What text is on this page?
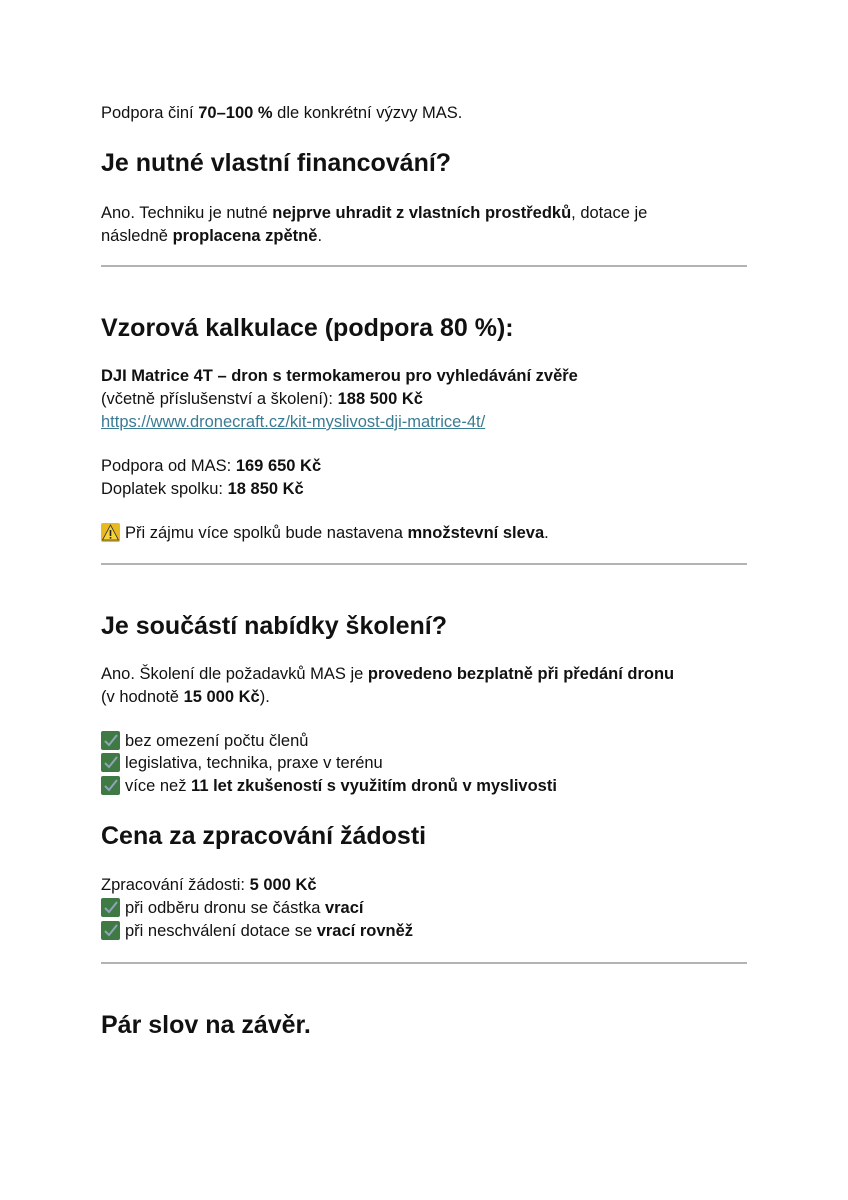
Podpora činí 70–100 % dle konkrétní výzvy MAS.
Je nutné vlastní financování?
Ano. Techniku je nutné nejprve uhradit z vlastních prostředků, dotace je
následně proplacena zpětně.
Vzorová kalkulace (podpora 80 %):
DJI Matrice 4T – dron s termokamerou pro vyhledávání zvěře
(včetně příslušenství a školení): 188 500 Kč
https://www.dronecraft.cz/kit-myslivost-dji-matrice-4t/
Podpora od MAS: 169 650 Kč
Doplatek spolku: 18 850 Kč
Při zájmu více spolků bude nastavena množstevní sleva.
Je součástí nabídky školení?
Ano. Školení dle požadavků MAS je provedeno bezplatně při předání dronu
(v hodnotě 15 000 Kč).
bez omezení počtu členů
legislativa, technika, praxe v terénu
více než 11 let zkušeností s využitím dronů v myslivosti
Cena za zpracování žádosti
Zpracování žádosti: 5 000 Kč
při odběru dronu se částka vrací
při neschválení dotace se vrací rovněž
Pár slov na závěr.
